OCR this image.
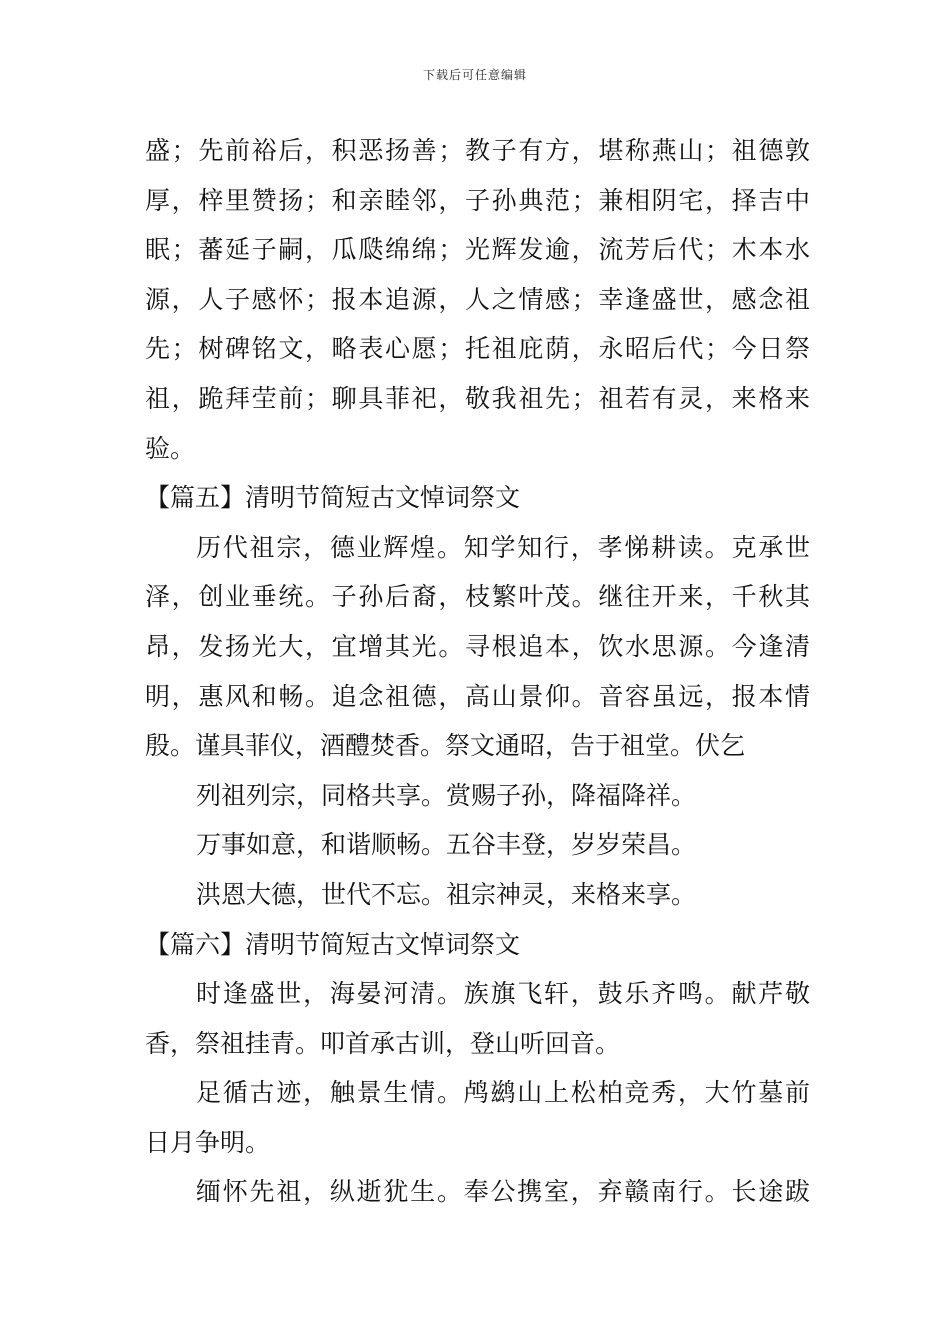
下载后可任意编辑
盛；先前裕后，积恶扬善；教子有方，堪称燕山；祖德敦
厚，梓里赞扬；和亲睦邻，子孙典范；兼相阴宅，择吉中
眠；蕃延子嗣，瓜瓞绵绵；光辉发逾，流芳后代；木本水
源，人子感怀；报本追源，人之情感；幸逢盛世，感念祖
先；树碑铭文，略表心愿；托祖庇荫，永昭后代；今日祭
祖，跪拜茔前；聊具菲祀，敬我祖先；祖若有灵，来格来
验。
【篇五】清明节简短古文悼词祭文
历代祖宗，德业辉煌。知学知行，孝悌耕读。克承世
泽，创业垂统。子孙后裔，枝繁叶茂。继往开来，千秋其
昂，发扬光大，宜增其光。寻根追本，饮水思源。今逢清
明，惠风和畅。追念祖德，高山景仰。音容虽远，报本情
殷。谨具菲仪，酒醴焚香。祭文通昭，告于祖堂。伏乞
列祖列宗，同格共享。赏赐子孙，降福降祥。
万事如意，和谐顺畅。五谷丰登，岁岁荣昌。
洪恩大德，世代不忘。祖宗神灵，来格来享。
【篇六】清明节简短古文悼词祭文
时逢盛世，海晏河清。族旗飞轩，鼓乐齐鸣。献芹敬
香，祭祖挂青。叩首承古训，登山听回音。
足循古迹，触景生情。鸬鹚山上松柏竞秀，大竹墓前
日月争明。
缅怀先祖，纵逝犹生。奉公携室，弃赣南行。长途跋
